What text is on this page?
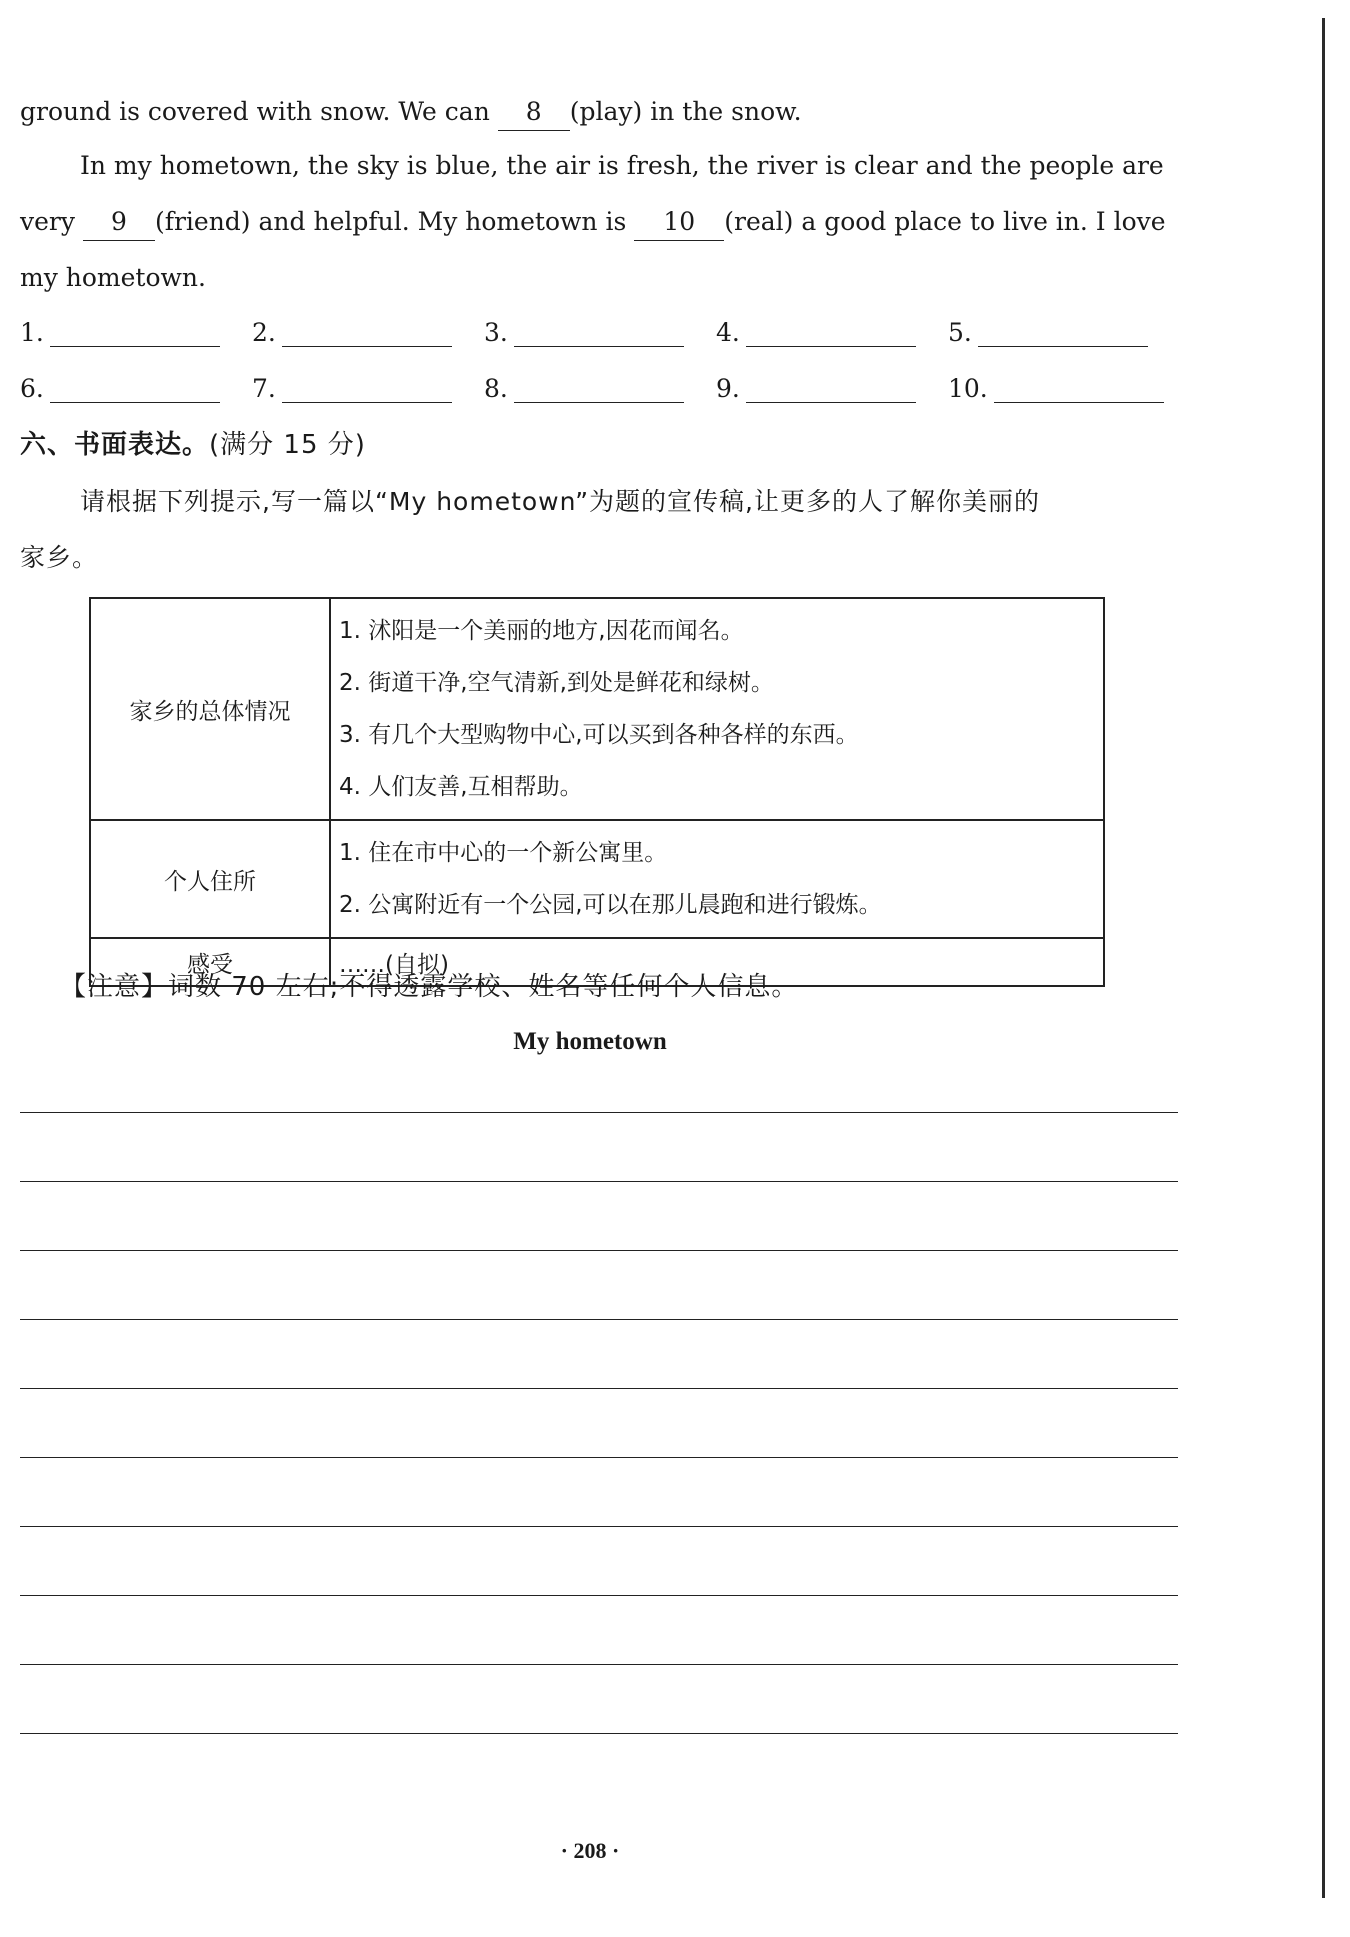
ground is covered with snow. We can 8 (play) in the snow.
In my hometown, the sky is blue, the air is fresh, the river is clear and the people are
very 9 (friend) and helpful. My hometown is 10 (real) a good place to live in. I love
my hometown.
1.	2.	3.	4.	5.
6.	7.	8.	9.	10.
六、书面表达。(满分 15 分)
请根据下列提示,写一篇以“My hometown”为题的宣传稿,让更多的人了解你美丽的
家乡。
家乡的总体情况	1. 沭阳是一个美丽的地方,因花而闻名。
2. 街道干净,空气清新,到处是鲜花和绿树。
3. 有几个大型购物中心,可以买到各种各样的东西。
4. 人们友善,互相帮助。

个人住所	1. 住在市中心的一个新公寓里。
2. 公寓附近有一个公园,可以在那儿晨跑和进行锻炼。

感受	……(自拟)
【注意】词数 70 左右;不得透露学校、姓名等任何个人信息。
My hometown
· 208 ·
